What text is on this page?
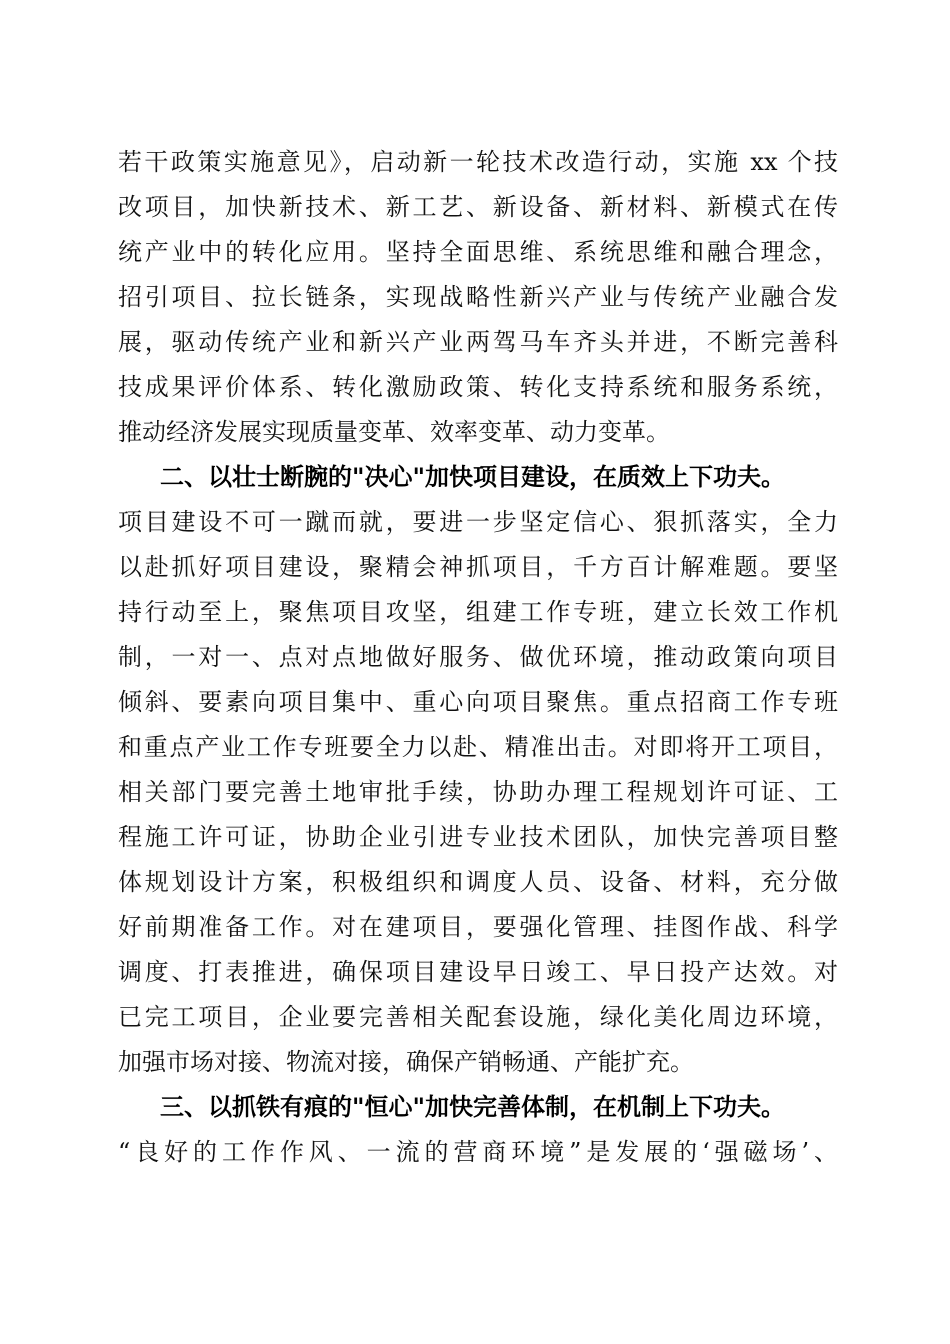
若干政策实施意见》，启动新一轮技术改造行动，实施 xx 个技
改项目，加快新技术、新工艺、新设备、新材料、新模式在传
统产业中的转化应用。坚持全面思维、系统思维和融合理念，
招引项目、拉长链条，实现战略性新兴产业与传统产业融合发
展，驱动传统产业和新兴产业两驾马车齐头并进，不断完善科
技成果评价体系、转化激励政策、转化支持系统和服务系统，
推动经济发展实现质量变革、效率变革、动力变革。
二、以壮士断腕的"决心"加快项目建设，在质效上下功夫。
项目建设不可一蹴而就，要进一步坚定信心、狠抓落实，全力
以赴抓好项目建设，聚精会神抓项目，千方百计解难题。要坚
持行动至上，聚焦项目攻坚，组建工作专班，建立长效工作机
制，一对一、点对点地做好服务、做优环境，推动政策向项目
倾斜、要素向项目集中、重心向项目聚焦。重点招商工作专班
和重点产业工作专班要全力以赴、精准出击。对即将开工项目，
相关部门要完善土地审批手续，协助办理工程规划许可证、工
程施工许可证，协助企业引进专业技术团队，加快完善项目整
体规划设计方案，积极组织和调度人员、设备、材料，充分做
好前期准备工作。对在建项目，要强化管理、挂图作战、科学
调度、打表推进，确保项目建设早日竣工、早日投产达效。对
已完工项目，企业要完善相关配套设施，绿化美化周边环境，
加强市场对接、物流对接，确保产销畅通、产能扩充。
三、以抓铁有痕的"恒心"加快完善体制，在机制上下功夫。
“良好的工作作风、一流的营商环境”是发展的‘强磁场’、
